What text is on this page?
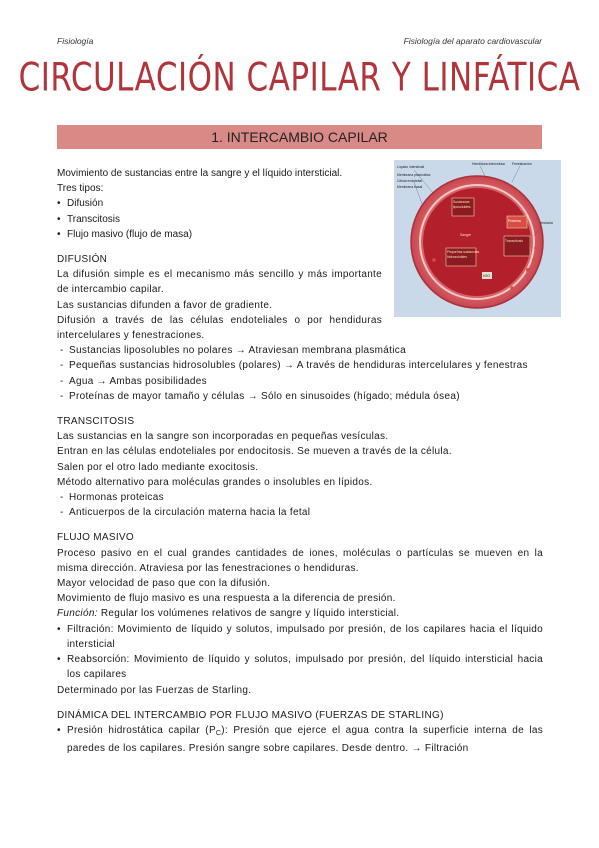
Fisiología	Fisiología del aparato cardiovascular
CIRCULACIÓN CAPILAR Y LINFÁTICA
1. INTERCAMBIO CAPILAR
Líquido intersticial
Hendidura intercelular Fenestración
Membrana plasmática
Célula endotelial
Membrana basal
Sustancias
liposolubles
Proteína
Sangre
Transcitosis
Pequeñas sustancias
hidrosolubles
H2O
Vesícula

Movimiento de sustancias entre la sangre y el líquido intersticial.

Tres tipos:

• Difusión
• Transcitosis
• Flujo masivo (flujo de masa)

DIFUSIÓN

La difusión simple es el mecanismo más sencillo y más importante de intercambio capilar.

Las sustancias difunden a favor de gradiente.

Difusión a través de las células endoteliales o por hendiduras intercelulares y fenestraciones.

- Sustancias liposolubles no polares → Atraviesan membrana plasmática
- Pequeñas sustancias hidrosolubles (polares) → A través de hendiduras intercelulares y fenestras
- Agua → Ambas posibilidades
- Proteínas de mayor tamaño y células → Sólo en sinusoides (hígado; médula ósea)

TRANSCITOSIS

Las sustancias en la sangre son incorporadas en pequeñas vesículas.

Entran en las células endoteliales por endocitosis. Se mueven a través de la célula.

Salen por el otro lado mediante exocitosis.

Método alternativo para moléculas grandes o insolubles en lípidos.

- Hormonas proteicas
- Anticuerpos de la circulación materna hacia la fetal

FLUJO MASIVO

Proceso pasivo en el cual grandes cantidades de iones, moléculas o partículas se mueven en la misma dirección. Atraviesa por las fenestraciones o hendiduras.

Mayor velocidad de paso que con la difusión.

Movimiento de flujo masivo es una respuesta a la diferencia de presión.

Función: Regular los volúmenes relativos de sangre y líquido intersticial.

• Filtración: Movimiento de líquido y solutos, impulsado por presión, de los capilares hacia el líquido intersticial
• Reabsorción: Movimiento de líquido y solutos, impulsado por presión, del líquido intersticial hacia los capilares

Determinado por las Fuerzas de Starling.

DINÁMICA DEL INTERCAMBIO POR FLUJO MASIVO (FUERZAS DE STARLING)

• Presión hidrostática capilar $(P_C)$: Presión que ejerce el agua contra la superficie interna de las paredes de los capilares. Presión sangre sobre capilares. Desde dentro. → Filtración
